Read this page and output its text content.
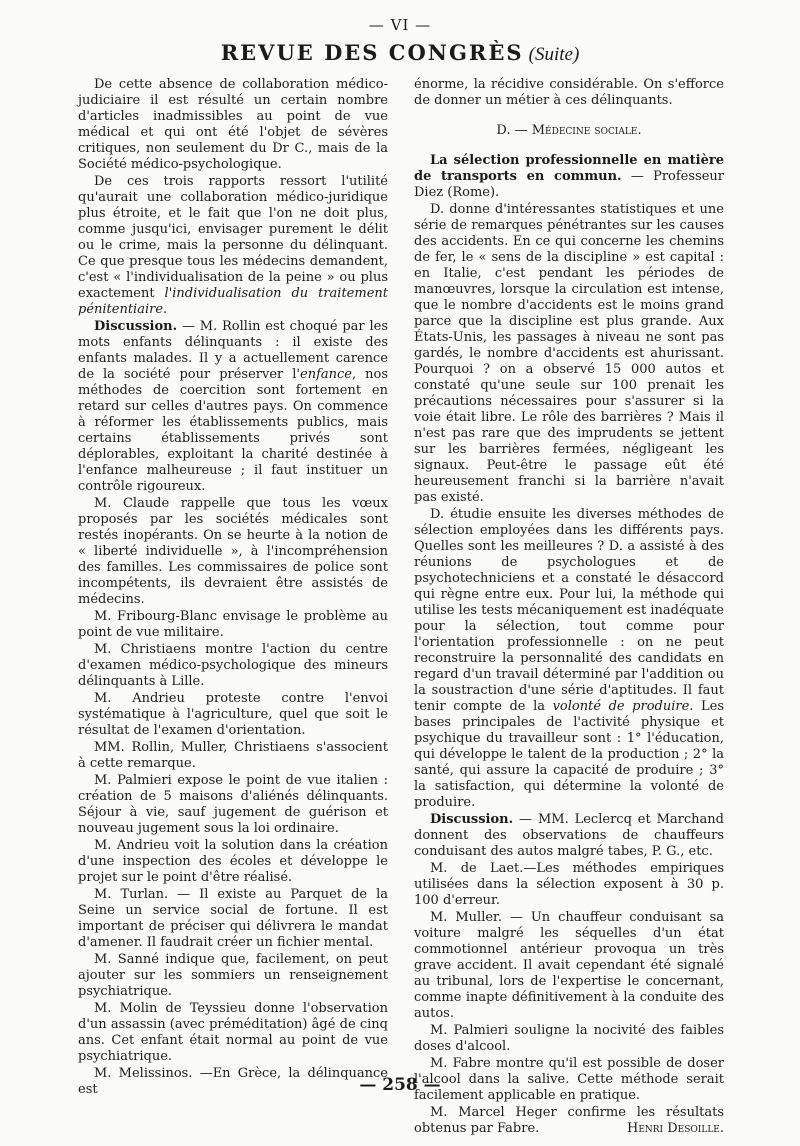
— VI —
REVUE DES CONGRÈS (Suite)

De cette absence de collaboration médico-judiciaire il est résulté un certain nombre d'articles inadmissibles au point de vue médical et qui ont été l'objet de sévères critiques, non seulement du Dr C., mais de la Société médico-psychologique.

De ces trois rapports ressort l'utilité qu'aurait une collaboration médico-juridique plus étroite, et le fait que l'on ne doit plus, comme jusqu'ici, envisager purement le délit ou le crime, mais la personne du délinquant. Ce que presque tous les médecins demandent, c'est « l'individualisation de la peine » ou plus exactement l'individualisation du traitement pénitentiaire.

Discussion. — M. Rollin est choqué par les mots enfants délinquants : il existe des enfants malades. Il y a actuellement carence de la société pour préserver l'enfance, nos méthodes de coercition sont fortement en retard sur celles d'autres pays. On commence à réformer les établissements publics, mais certains établissements privés sont déplorables, exploitant la charité destinée à l'enfance malheureuse ; il faut instituer un contrôle rigoureux.

M. Claude rappelle que tous les vœux proposés par les sociétés médicales sont restés inopérants. On se heurte à la notion de « liberté individuelle », à l'incompréhension des familles. Les commissaires de police sont incompétents, ils devraient être assistés de médecins.

M. Fribourg-Blanc envisage le problème au point de vue militaire.

M. Christiaens montre l'action du centre d'examen médico-psychologique des mineurs délinquants à Lille.

M. Andrieu proteste contre l'envoi systématique à l'agriculture, quel que soit le résultat de l'examen d'orientation.

MM. Rollin, Muller, Christiaens s'associent à cette remarque.

M. Palmieri expose le point de vue italien : création de 5 maisons d'aliénés délinquants. Séjour à vie, sauf jugement de guérison et nouveau jugement sous la loi ordinaire.

M. Andrieu voit la solution dans la création d'une inspection des écoles et développe le projet sur le point d'être réalisé.

M. Turlan. — Il existe au Parquet de la Seine un service social de fortune. Il est important de préciser qui délivrera le mandat d'amener. Il faudrait créer un fichier mental.

M. Sanné indique que, facilement, on peut ajouter sur les sommiers un renseignement psychiatrique.

M. Molin de Teyssieu donne l'observation d'un assassin (avec préméditation) âgé de cinq ans. Cet enfant était normal au point de vue psychiatrique.

M. Melissinos. —En Grèce, la délinquance est

énorme, la récidive considérable. On s'efforce de donner un métier à ces délinquants.

D. — Médecine sociale.

La sélection professionnelle en matière de transports en commun. — Professeur Diez (Rome).

D. donne d'intéressantes statistiques et une série de remarques pénétrantes sur les causes des accidents. En ce qui concerne les chemins de fer, le « sens de la discipline » est capital : en Italie, c'est pendant les périodes de manœuvres, lorsque la circulation est intense, que le nombre d'accidents est le moins grand parce que la discipline est plus grande. Aux États-Unis, les passages à niveau ne sont pas gardés, le nombre d'accidents est ahurissant. Pourquoi ? on a observé 15 000 autos et constaté qu'une seule sur 100 prenait les précautions nécessaires pour s'assurer si la voie était libre. Le rôle des barrières ? Mais il n'est pas rare que des imprudents se jettent sur les barrières fermées, négligeant les signaux. Peut-être le passage eût été heureusement franchi si la barrière n'avait pas existé.

D. étudie ensuite les diverses méthodes de sélection employées dans les différents pays. Quelles sont les meilleures ? D. a assisté à des réunions de psychologues et de psychotechniciens et a constaté le désaccord qui règne entre eux. Pour lui, la méthode qui utilise les tests mécaniquement est inadéquate pour la sélection, tout comme pour l'orientation professionnelle : on ne peut reconstruire la personnalité des candidats en regard d'un travail déterminé par l'addition ou la soustraction d'une série d'aptitudes. Il faut tenir compte de la volonté de produire. Les bases principales de l'activité physique et psychique du travailleur sont : 1° l'éducation, qui développe le talent de la production ; 2° la santé, qui assure la capacité de produire ; 3° la satisfaction, qui détermine la volonté de produire.

Discussion. — MM. Leclercq et Marchand donnent des observations de chauffeurs conduisant des autos malgré tabes, P. G., etc.

M. de Laet.—Les méthodes empiriques utilisées dans la sélection exposent à 30 p. 100 d'erreur.

M. Muller. — Un chauffeur conduisant sa voiture malgré les séquelles d'un état commotionnel antérieur provoqua un très grave accident. Il avait cependant été signalé au tribunal, lors de l'expertise le concernant, comme inapte définitivement à la conduite des autos.

M. Palmieri souligne la nocivité des faibles doses d'alcool.

M. Fabre montre qu'il est possible de doser l'alcool dans la salive. Cette méthode serait facilement applicable en pratique.

M. Marcel Heger confirme les résultats obtenus par Fabre.	Henri Desoille.

— 258 —
